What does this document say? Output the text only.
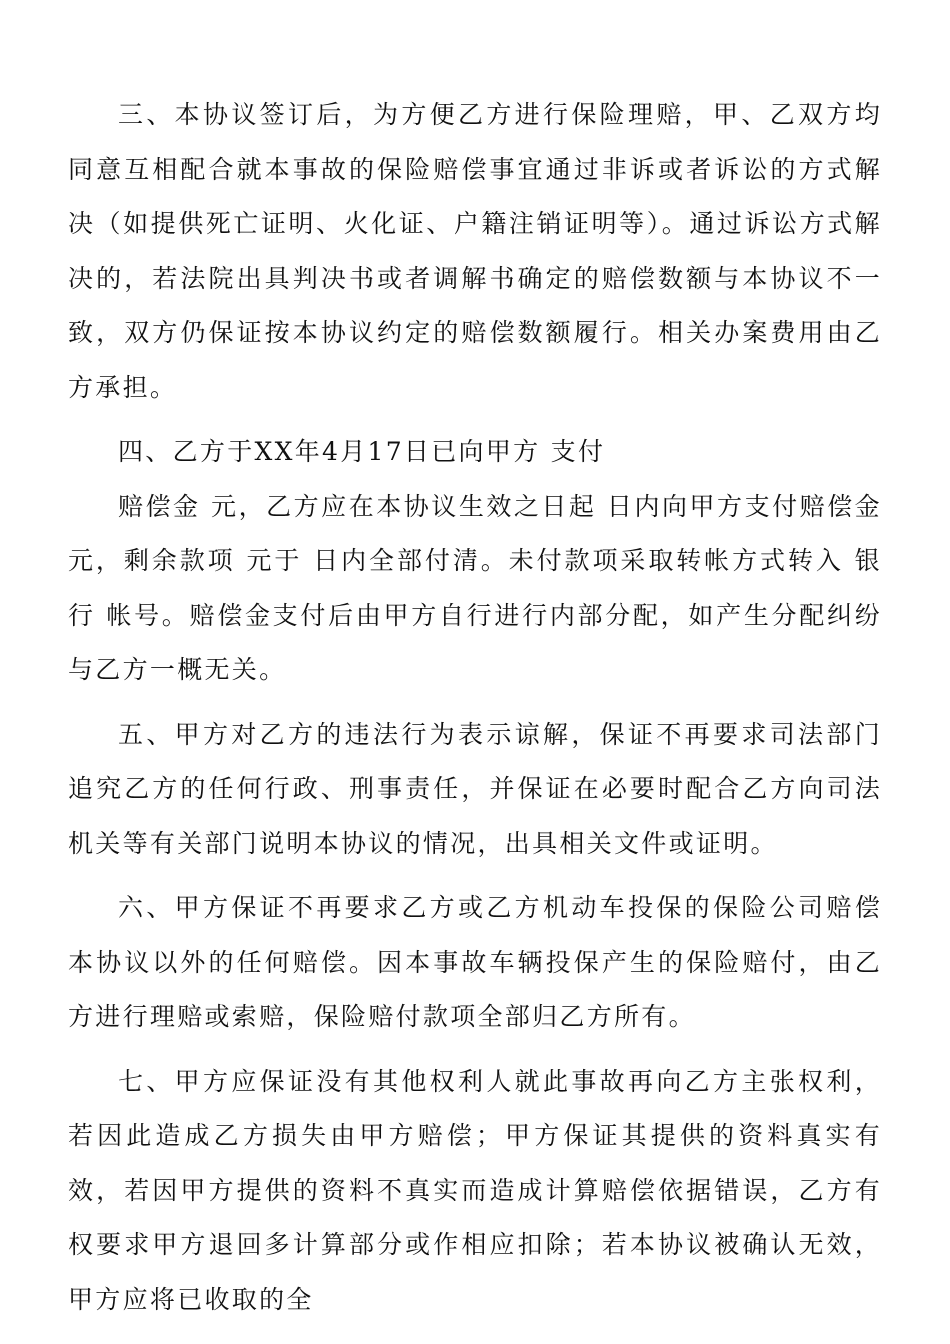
三、本协议签订后，为方便乙方进行保险理赔，甲、乙双方均同意互相配合就本事故的保险赔偿事宜通过非诉或者诉讼的方式解决（如提供死亡证明、火化证、户籍注销证明等）。通过诉讼方式解决的，若法院出具判决书或者调解书确定的赔偿数额与本协议不一致，双方仍保证按本协议约定的赔偿数额履行。相关办案费用由乙方承担。

四、乙方于XX年4月17日已向甲方 支付

赔偿金 元，乙方应在本协议生效之日起 日内向甲方支付赔偿金 元，剩余款项 元于 日内全部付清。未付款项采取转帐方式转入 银行 帐号。赔偿金支付后由甲方自行进行内部分配，如产生分配纠纷与乙方一概无关。

五、甲方对乙方的违法行为表示谅解，保证不再要求司法部门追究乙方的任何行政、刑事责任，并保证在必要时配合乙方向司法机关等有关部门说明本协议的情况，出具相关文件或证明。

六、甲方保证不再要求乙方或乙方机动车投保的保险公司赔偿本协议以外的任何赔偿。因本事故车辆投保产生的保险赔付，由乙方进行理赔或索赔，保险赔付款项全部归乙方所有。

七、甲方应保证没有其他权利人就此事故再向乙方主张权利，若因此造成乙方损失由甲方赔偿；甲方保证其提供的资料真实有效，若因甲方提供的资料不真实而造成计算赔偿依据错误，乙方有权要求甲方退回多计算部分或作相应扣除；若本协议被确认无效，甲方应将已收取的全
